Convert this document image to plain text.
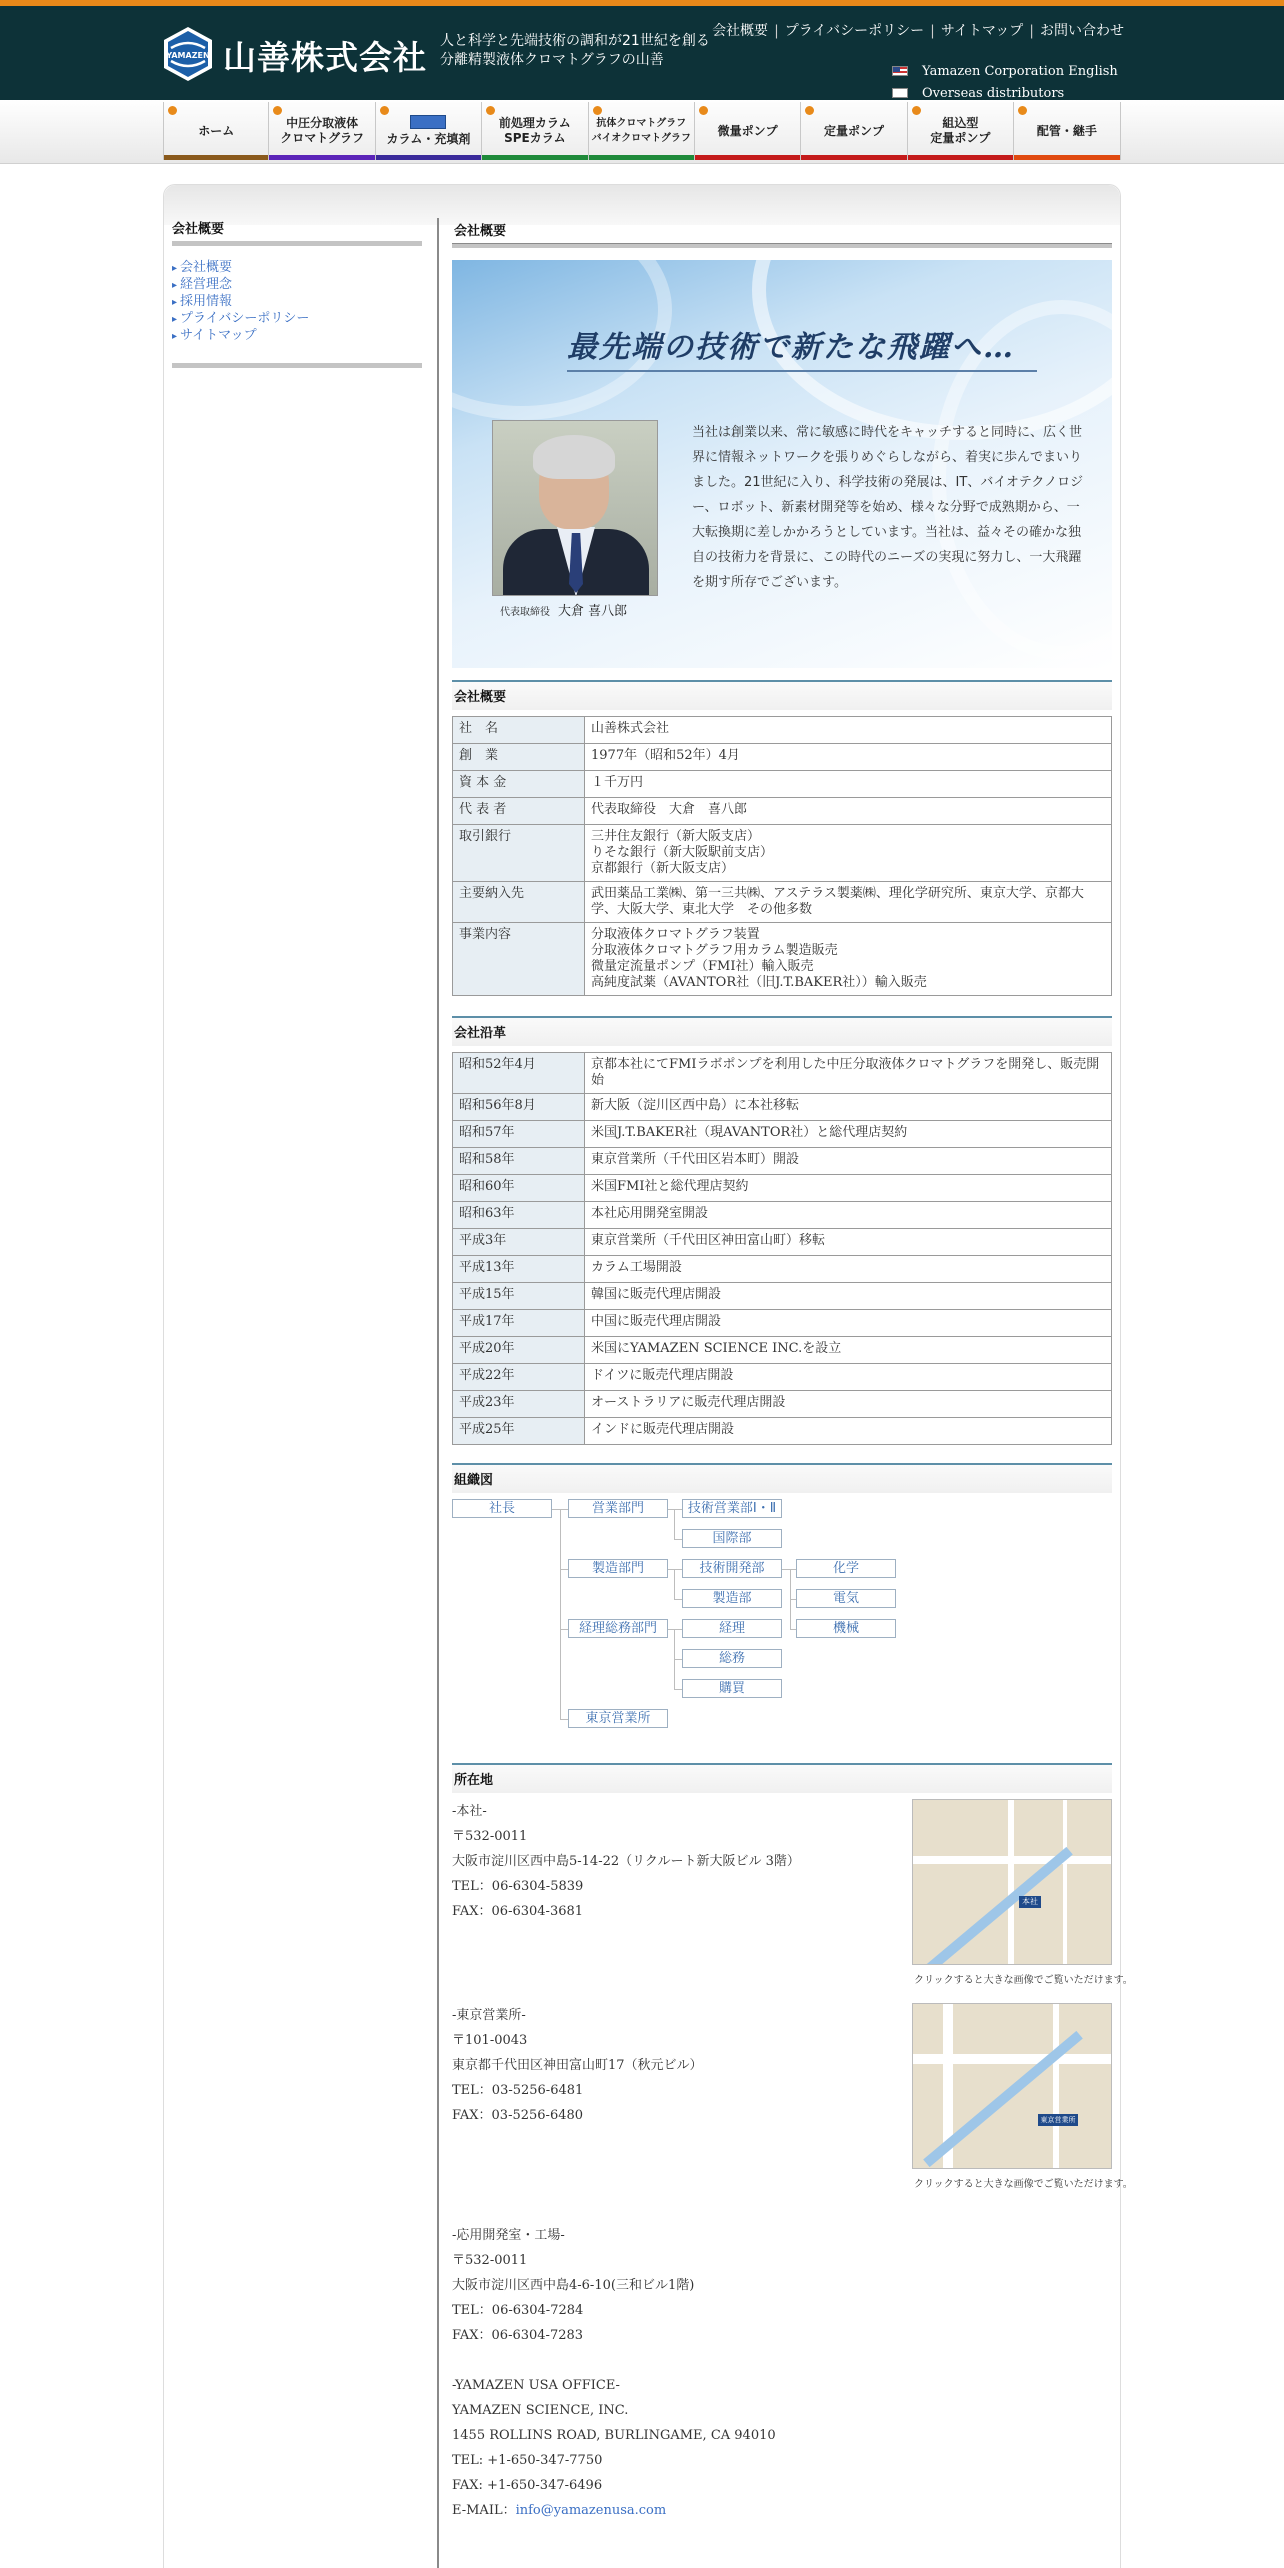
YAMAZEN 山善株式会社 人と科学と先端技術の調和が21世紀を創る
分離精製液体クロマトグラフの山善
会社概要 | プライバシーポリシー | サイトマップ | お問い合わせ
Yamazen Corporation English
Overseas distributors
ホーム
中圧分取液体
クロマトグラフ カラム・充填剤
前処理カラム
SPEカラム
抗体クロマトグラフ
バイオクロマトグラフ
微量ポンプ	定量ポンプ
組込型
定量ポンプ
配管・継手
会社概要
▸ 会社概要
▸ 経営理念
▸ 採用情報
▸ プライバシーポリシー
▸ サイトマップ
会社概要
最先端の技術で新たな飛躍へ…
代表取締役 大倉 喜八郎
当社は創業以来、常に敏感に時代をキャッチすると同時に、広く世界に情報ネットワークを張りめぐらしながら、着実に歩んでまいりました。21世紀に入り、科学技術の発展は、IT、バイオテクノロジー、ロボット、新素材開発等を始め、様々な分野で成熟期から、一大転換期に差しかかろうとしています。当社は、益々その確かな独自の技術力を背景に、この時代のニーズの実現に努力し、一大飛躍を期す所存でございます。
会社概要
社　名	山善株式会社
創　業	1977年（昭和52年）4月
資 本 金	１千万円
代 表 者	代表取締役　大倉　喜八郎
取引銀行	三井住友銀行（新大阪支店）
りそな銀行（新大阪駅前支店）
京都銀行（新大阪支店）
主要納入先	武田薬品工業㈱、第一三共㈱、アステラス製薬㈱、理化学研究所、東京大学、京都大学、大阪大学、東北大学　その他多数
事業内容	分取液体クロマトグラフ装置
分取液体クロマトグラフ用カラム製造販売
微量定流量ポンプ（FMI社）輸入販売
高純度試薬（AVANTOR社（旧J.T.BAKER社））輸入販売
会社沿革
昭和52年4月	京都本社にてFMIラボポンプを利用した中圧分取液体クロマトグラフを開発し、販売開始
昭和56年8月	新大阪（淀川区西中島）に本社移転
昭和57年	米国J.T.BAKER社（現AVANTOR社）と総代理店契約
昭和58年	東京営業所（千代田区岩本町）開設
昭和60年	米国FMI社と総代理店契約
昭和63年	本社応用開発室開設
平成3年	東京営業所（千代田区神田富山町）移転
平成13年	カラム工場開設
平成15年	韓国に販売代理店開設
平成17年	中国に販売代理店開設
平成20年	米国にYAMAZEN SCIENCE INC.を設立
平成22年	ドイツに販売代理店開設
平成23年	オーストラリアに販売代理店開設
平成25年	インドに販売代理店開設
組織図
社長	営業部門	技術営業部Ⅰ・Ⅱ
国際部
製造部門	技術開発部	化学
製造部	電気
経理総務部門	経理	機械
総務
購買
東京営業所
所在地
-本社-
〒532-0011
大阪市淀川区西中島5-14-22（リクルート新大阪ビル 3階）
TEL：06-6304-5839
FAX：06-6304-3681
本社
クリックすると大きな画像でご覧いただけます。
-東京営業所-
〒101-0043
東京都千代田区神田富山町17（秋元ビル）
TEL：03-5256-6481
FAX：03-5256-6480	東京営業所
クリックすると大きな画像でご覧いただけます。
-応用開発室・工場-
〒532-0011
大阪市淀川区西中島4-6-10(三和ビル1階)
TEL：06-6304-7284
FAX：06-6304-7283
-YAMAZEN USA OFFICE-
YAMAZEN SCIENCE, INC.
1455 ROLLINS ROAD, BURLINGAME, CA 94010
TEL: +1-650-347-7750
FAX: +1-650-347-6496
E-MAIL：info@yamazenusa.com
